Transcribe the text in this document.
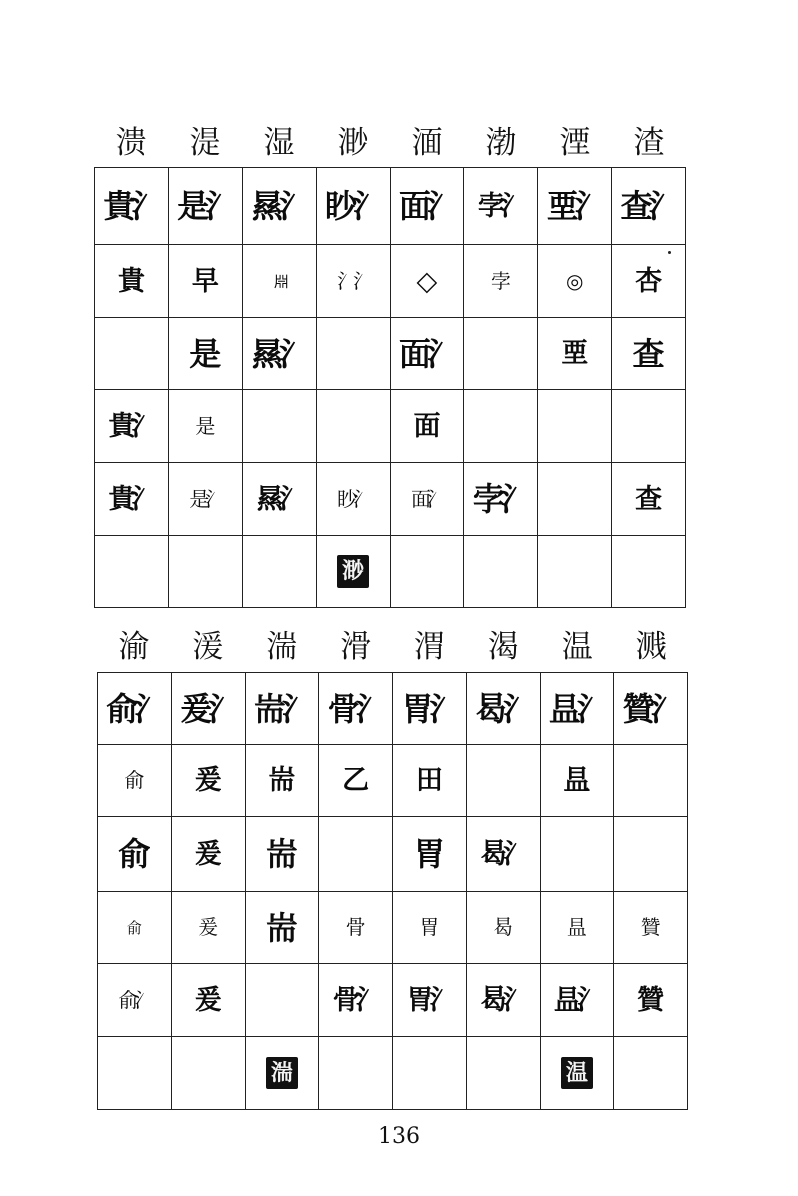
溃	湜	湿	渺	湎	渤	湮	渣
貴氵	是氵	㬎氵	眇氵	面氵	孛氵	垔氵	查氵
貴	早	𣶒	氵氵	◇	孛	◎	杏
	是	㬎氵		面氵		垔	查
貴氵	是			面			
貴氵	是氵	㬎氵	眇氵	面氵	孛氵		查
			渺				
渝	湲	湍	滑	渭	渴	温	溅
俞氵	爰氵	耑氵	骨氵	胃氵	曷氵	昷氵	贊氵
俞	爰	耑	乙	田		昷	
俞	爰	耑		胃	曷氵		
俞	爰	耑	骨	胃	曷	昷	贊
俞氵	爰		骨氵	胃氵	曷氵	昷氵	贊
		湍				温	
136
